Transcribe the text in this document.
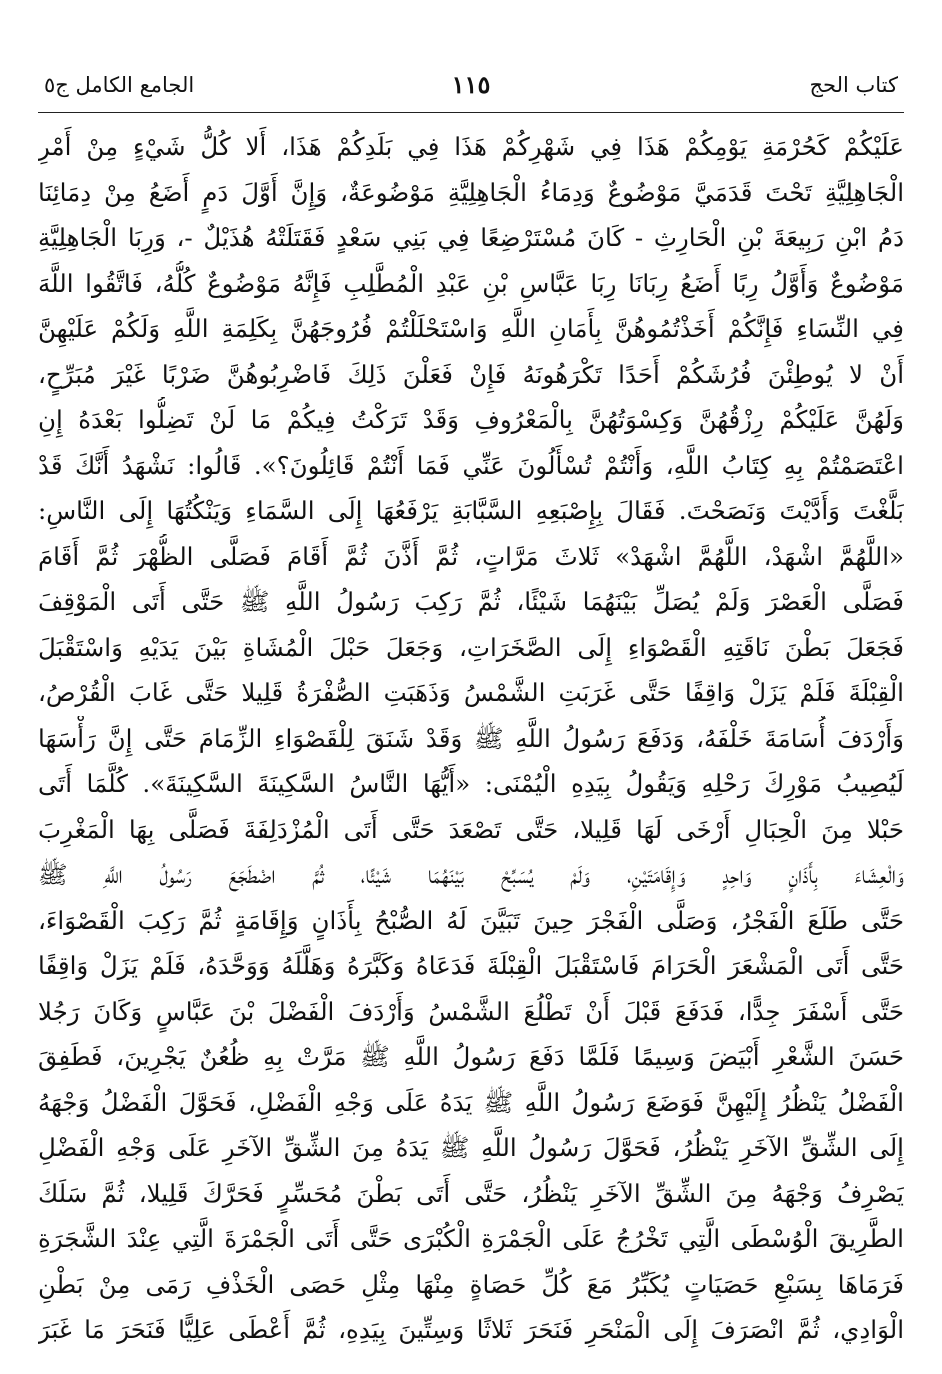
كتاب الحج
١١٥
الجامع الكامل ج٥
عَلَيْكُمْ كَحُرْمَةِ يَوْمِكُمْ هَذَا فِي شَهْرِكُمْ هَذَا فِي بَلَدِكُمْ هَذَا، أَلا كُلُّ شَيْءٍ مِنْ أَمْرِ
الْجَاهِلِيَّةِ تَحْتَ قَدَمَيَّ مَوْضُوعٌ وَدِمَاءُ الْجَاهِلِيَّةِ مَوْضُوعَةٌ، وَإِنَّ أَوَّلَ دَمٍ أَضَعُ مِنْ دِمَائِنَا
دَمُ ابْنِ رَبِيعَةَ بْنِ الْحَارِثِ - كَانَ مُسْتَرْضِعًا فِي بَنِي سَعْدٍ فَقَتَلَتْهُ هُذَيْلٌ -، وَرِبَا الْجَاهِلِيَّةِ
مَوْضُوعٌ وَأَوَّلُ رِبًا أَضَعُ رِبَانَا رِبَا عَبَّاسِ بْنِ عَبْدِ الْمُطَّلِبِ فَإِنَّهُ مَوْضُوعٌ كُلُّهُ، فَاتَّقُوا اللَّهَ
فِي النِّسَاءِ فَإِنَّكُمْ أَخَذْتُمُوهُنَّ بِأَمَانِ اللَّهِ وَاسْتَحْلَلْتُمْ فُرُوجَهُنَّ بِكَلِمَةِ اللَّهِ وَلَكُمْ عَلَيْهِنَّ
أَنْ لا يُوطِئْنَ فُرُشَكُمْ أَحَدًا تَكْرَهُونَهُ فَإِنْ فَعَلْنَ ذَلِكَ فَاضْرِبُوهُنَّ ضَرْبًا غَيْرَ مُبَرِّحٍ،
وَلَهُنَّ عَلَيْكُمْ رِزْقُهُنَّ وَكِسْوَتُهُنَّ بِالْمَعْرُوفِ وَقَدْ تَرَكْتُ فِيكُمْ مَا لَنْ تَضِلُّوا بَعْدَهُ إِنِ
اعْتَصَمْتُمْ بِهِ كِتَابُ اللَّهِ، وَأَنْتُمْ تُسْأَلُونَ عَنِّي فَمَا أَنْتُمْ قَائِلُونَ؟». قَالُوا: نَشْهَدُ أَنَّكَ قَدْ
بَلَّغْتَ وَأَدَّيْتَ وَنَصَحْتَ. فَقَالَ بِإِصْبَعِهِ السَّبَّابَةِ يَرْفَعُهَا إِلَى السَّمَاءِ وَيَنْكُتُهَا إِلَى النَّاسِ:
«اللَّهُمَّ اشْهَدْ، اللَّهُمَّ اشْهَدْ» ثَلاثَ مَرَّاتٍ، ثُمَّ أَذَّنَ ثُمَّ أَقَامَ فَصَلَّى الظُّهْرَ ثُمَّ أَقَامَ
فَصَلَّى الْعَصْرَ وَلَمْ يُصَلِّ بَيْنَهُمَا شَيْئًا، ثُمَّ رَكِبَ رَسُولُ اللَّهِ ﷺ حَتَّى أَتَى الْمَوْقِفَ
فَجَعَلَ بَطْنَ نَاقَتِهِ الْقَصْوَاءِ إِلَى الصَّخَرَاتِ، وَجَعَلَ حَبْلَ الْمُشَاةِ بَيْنَ يَدَيْهِ وَاسْتَقْبَلَ
الْقِبْلَةَ فَلَمْ يَزَلْ وَاقِفًا حَتَّى غَرَبَتِ الشَّمْسُ وَذَهَبَتِ الصُّفْرَةُ قَلِيلا حَتَّى غَابَ الْقُرْصُ،
وَأَرْدَفَ أُسَامَةَ خَلْفَهُ، وَدَفَعَ رَسُولُ اللَّهِ ﷺ وَقَدْ شَنَقَ لِلْقَصْوَاءِ الزِّمَامَ حَتَّى إِنَّ رَأْسَهَا
لَيُصِيبُ مَوْرِكَ رَحْلِهِ وَيَقُولُ بِيَدِهِ الْيُمْنَى: «أَيُّهَا النَّاسُ السَّكِينَةَ السَّكِينَةَ». كُلَّمَا أَتَى
حَبْلا مِنَ الْحِبَالِ أَرْخَى لَهَا قَلِيلا، حَتَّى تَصْعَدَ حَتَّى أَتَى الْمُزْدَلِفَةَ فَصَلَّى بِهَا الْمَغْرِبَ
وَالْعِشَاءَ بِأَذَانٍ وَاحِدٍ وَإِقَامَتَيْنِ، وَلَمْ يُسَبِّحْ بَيْنَهُمَا شَيْئًا، ثُمَّ اضْطَجَعَ رَسُولُ اللَّهِ ﷺ
حَتَّى طَلَعَ الْفَجْرُ، وَصَلَّى الْفَجْرَ حِينَ تَبَيَّنَ لَهُ الصُّبْحُ بِأَذَانٍ وَإِقَامَةٍ ثُمَّ رَكِبَ الْقَصْوَاءَ،
حَتَّى أَتَى الْمَشْعَرَ الْحَرَامَ فَاسْتَقْبَلَ الْقِبْلَةَ فَدَعَاهُ وَكَبَّرَهُ وَهَلَّلَهُ وَوَحَّدَهُ، فَلَمْ يَزَلْ وَاقِفًا
حَتَّى أَسْفَرَ جِدًّا، فَدَفَعَ قَبْلَ أَنْ تَطْلُعَ الشَّمْسُ وَأَرْدَفَ الْفَضْلَ بْنَ عَبَّاسٍ وَكَانَ رَجُلا
حَسَنَ الشَّعْرِ أَبْيَضَ وَسِيمًا فَلَمَّا دَفَعَ رَسُولُ اللَّهِ ﷺ مَرَّتْ بِهِ ظُعُنٌ يَجْرِينَ، فَطَفِقَ
الْفَضْلُ يَنْظُرُ إِلَيْهِنَّ فَوَضَعَ رَسُولُ اللَّهِ ﷺ يَدَهُ عَلَى وَجْهِ الْفَضْلِ، فَحَوَّلَ الْفَضْلُ وَجْهَهُ
إِلَى الشِّقِّ الآخَرِ يَنْظُرُ، فَحَوَّلَ رَسُولُ اللَّهِ ﷺ يَدَهُ مِنَ الشِّقِّ الآخَرِ عَلَى وَجْهِ الْفَضْلِ
يَصْرِفُ وَجْهَهُ مِنَ الشِّقِّ الآخَرِ يَنْظُرُ، حَتَّى أَتَى بَطْنَ مُحَسِّرٍ فَحَرَّكَ قَلِيلا، ثُمَّ سَلَكَ
الطَّرِيقَ الْوُسْطَى الَّتِي تَخْرُجُ عَلَى الْجَمْرَةِ الْكُبْرَى حَتَّى أَتَى الْجَمْرَةَ الَّتِي عِنْدَ الشَّجَرَةِ
فَرَمَاهَا بِسَبْعِ حَصَيَاتٍ يُكَبِّرُ مَعَ كُلِّ حَصَاةٍ مِنْهَا مِثْلِ حَصَى الْخَذْفِ رَمَى مِنْ بَطْنِ
الْوَادِي، ثُمَّ انْصَرَفَ إِلَى الْمَنْحَرِ فَنَحَرَ ثَلاثًا وَسِتِّينَ بِيَدِهِ، ثُمَّ أَعْطَى عَلِيًّا فَنَحَرَ مَا غَبَرَ
